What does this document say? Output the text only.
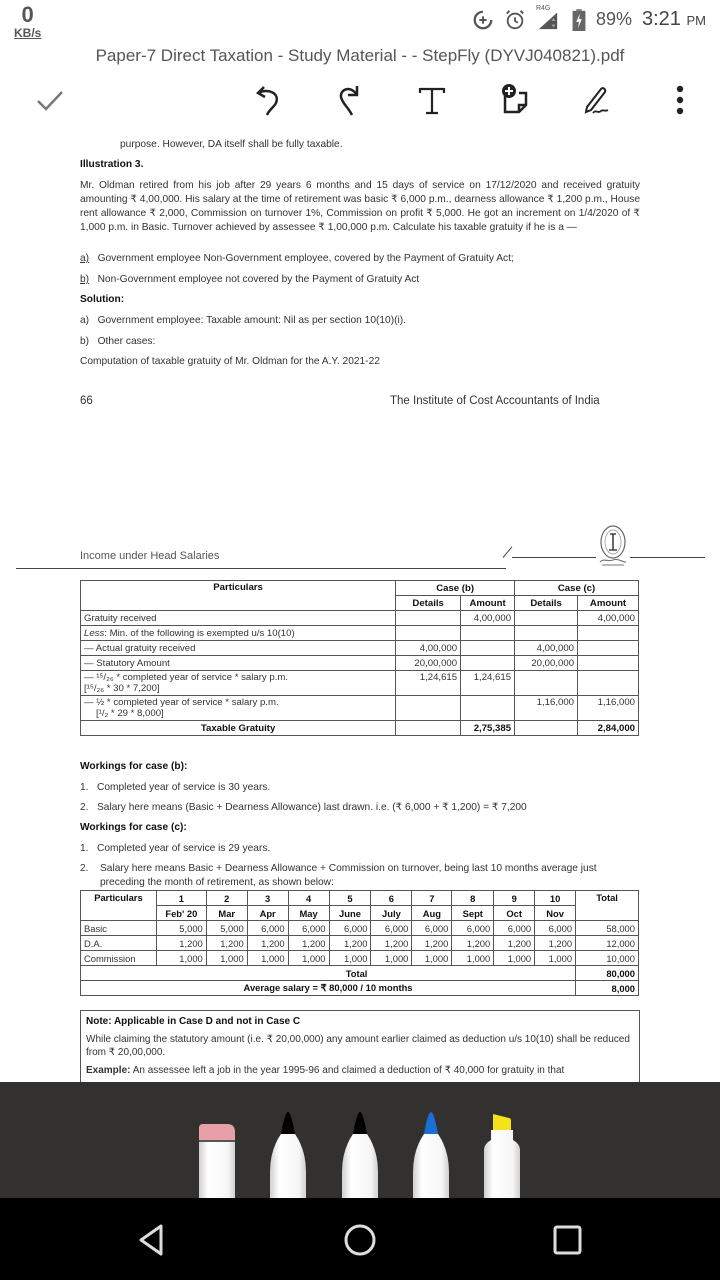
0
KB/s
R4G
89% 3:21 PM
Paper-7 Direct Taxation - Study Material - - StepFly (DYVJ040821).pdf
purpose. However, DA itself shall be fully taxable.
Illustration 3.
Mr. Oldman retired from his job after 29 years 6 months and 15 days of service on 17/12/2020 and received gratuity amounting ₹ 4,00,000. His salary at the time of retirement was basic ₹ 6,000 p.m., dearness allowance ₹ 1,200 p.m., House rent allowance ₹ 2,000, Commission on turnover 1%, Commission on profit ₹ 5,000. He got an increment on 1/4/2020 of ₹ 1,000 p.m. in Basic. Turnover achieved by assessee ₹ 1,00,000 p.m. Calculate his taxable gratuity if he is a —
a) Government employee Non-Government employee, covered by the Payment of Gratuity Act;
b) Non-Government employee not covered by the Payment of Gratuity Act
Solution:
a) Government employee: Taxable amount: Nil as per section 10(10)(i).
b) Other cases:
Computation of taxable gratuity of Mr. Oldman for the A.Y. 2021-22
66	The Institute of Cost Accountants of India
Income under Head Salaries
Particulars	Case (b)		Case (c)	
	Details	Amount	Details	Amount
Gratuity received		4,00,000		4,00,000
Less: Min. of the following is exempted u/s 10(10)				
— Actual gratuity received	4,00,000		4,00,000	
— Statutory Amount	20,00,000		20,00,000	

— ¹⁵/₂₆ * completed year of service * salary p.m.
[¹⁵/₂₆ * 30 * 7,200]	1,24,615	1,24,615		

— ½ * completed year of service * salary p.m.
[¹/₂ * 29 * 8,000]			1,16,000	1,16,000
Taxable Gratuity		2,75,385		2,84,000
Workings for case (b):
1. Completed year of service is 30 years.
2. Salary here means (Basic + Dearness Allowance) last drawn. i.e. (₹ 6,000 + ₹ 1,200) = ₹ 7,200
Workings for case (c):
1. Completed year of service is 29 years.
2.	Salary here means Basic + Dearness Allowance + Commission on turnover, being last 10 months average just preceding the month of retirement, as shown below:
Particulars	1	2	3	4	5	6	7	8	9	10	Total
	Feb' 20	Mar	Apr	May	June	July	Aug	Sept	Oct	Nov	
Basic	5,000	5,000	6,000	6,000	6,000	6,000	6,000	6,000	6,000	6,000	58,000
D.A.	1,200	1,200	1,200	1,200	1,200	1,200	1,200	1,200	1,200	1,200	12,000
Commission	1,000	1,000	1,000	1,000	1,000	1,000	1,000	1,000	1,000	1,000	10,000
Total											80,000
Average salary = ₹ 80,000 / 10 months											8,000

Note: Applicable in Case D and not in Case C

While claiming the statutory amount (i.e. ₹ 20,00,000) any amount earlier claimed as deduction u/s 10(10) shall be reduced from ₹ 20,00,000.

Example: An assessee left a job in the year 1995-96 and claimed a deduction of ₹ 40,000 for gratuity in that
